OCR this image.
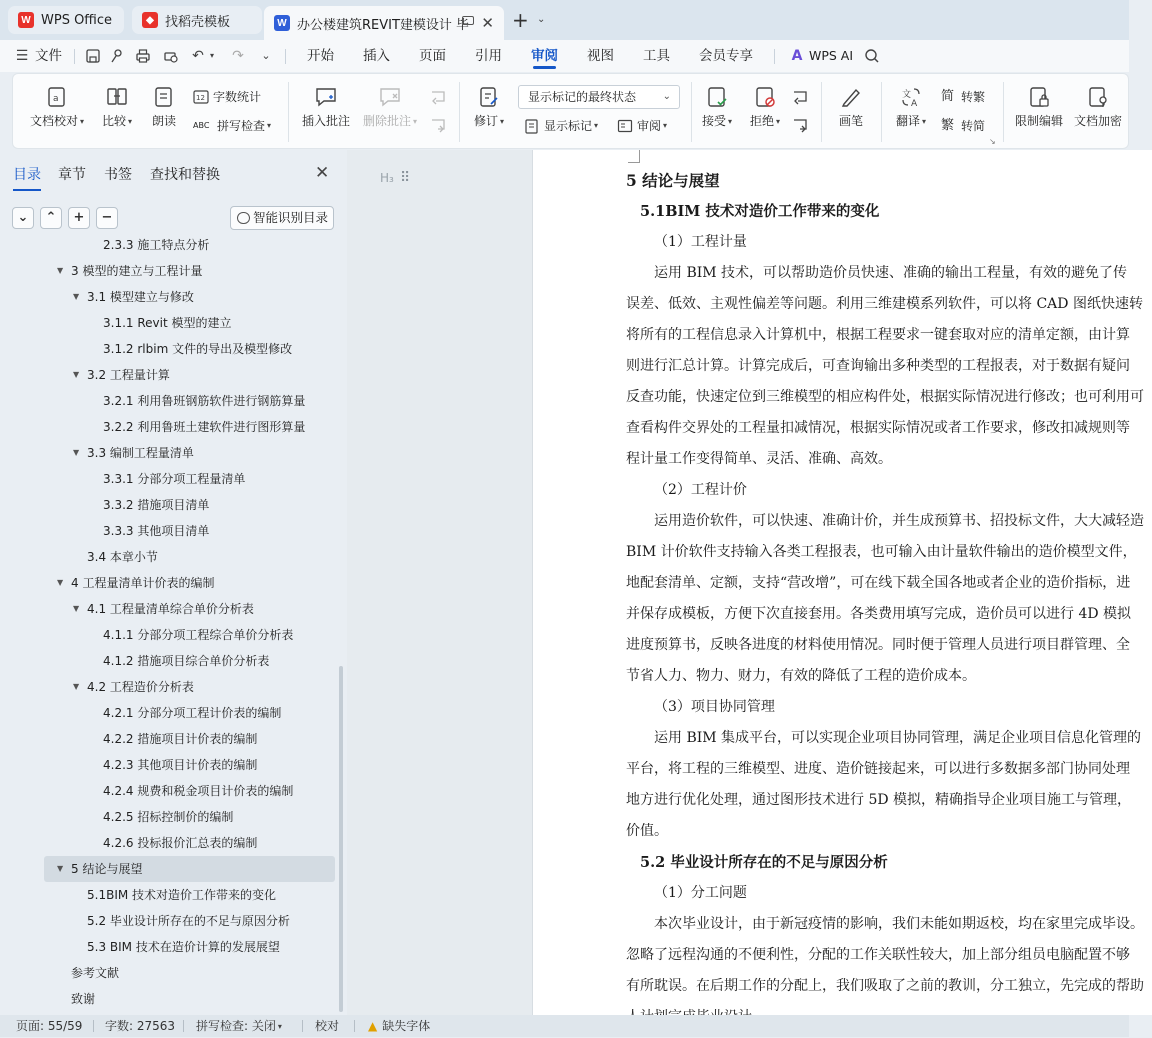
W WPS Office	◆ 找稻壳模板	W 办公楼建筑REVIT建模设计 毕 ✕ + ⌄
☰ 文件	↶ ▾	↷	⌄	开始 插入 页面 引用 审阅 视图 工具 会员专享	A WPS AI
a
文档校对 ▾	比较 ▾	朗读
12 字数统计
ABC 拼写检查 ▾	插入批注 删除批注 ▾	修订 ▾
显示标记的最终状态	⌄
显示标记 ▾	审阅 ▾	接受 ▾ 拒绝 ▾	画笔
文
A
翻译 ▾
简 转繁
繁 转简
↘
限制编辑 文档加密
目录 章节 书签 查找和替换	✕
⌄	⌃	+	−	智能识别目录
2.3.3 施工特点分析
▼ 3 模型的建立与工程计量
▼ 3.1 模型建立与修改
3.1.1 Revit 模型的建立
3.1.2 rlbim 文件的导出及模型修改
▼ 3.2 工程量计算
3.2.1 利用鲁班钢筋软件进行钢筋算量
3.2.2 利用鲁班土建软件进行图形算量
▼ 3.3 编制工程量清单
3.3.1 分部分项工程量清单
3.3.2 措施项目清单
3.3.3 其他项目清单
3.4 本章小节
▼ 4 工程量清单计价表的编制
▼ 4.1 工程量清单综合单价分析表
4.1.1 分部分项工程综合单价分析表
4.1.2 措施项目综合单价分析表
▼ 4.2 工程造价分析表
4.2.1 分部分项工程计价表的编制
4.2.2 措施项目计价表的编制
4.2.3 其他项目计价表的编制
4.2.4 规费和税金项目计价表的编制
4.2.5 招标控制价的编制
4.2.6 投标报价汇总表的编制
▼ 5 结论与展望
5.1BIM 技术对造价工作带来的变化
5.2 毕业设计所存在的不足与原因分析
5.3 BIM 技术在造价计算的发展展望
参考文献
致谢
H₃ ⠿	5 结论与展望
5.1BIM 技术对造价工作带来的变化
（1）工程计量
运用 BIM 技术，可以帮助造价员快速、准确的输出工程量，有效的避免了传
误差、低效、主观性偏差等问题。利用三维建模系列软件，可以将 CAD 图纸快速转
将所有的工程信息录入计算机中，根据工程要求一键套取对应的清单定额，由计算
则进行汇总计算。计算完成后，可查询输出多种类型的工程报表，对于数据有疑问
反查功能，快速定位到三维模型的相应构件处，根据实际情况进行修改；也可利用可
查看构件交界处的工程量扣减情况，根据实际情况或者工作要求，修改扣减规则等
程计量工作变得简单、灵活、准确、高效。
（2）工程计价
运用造价软件，可以快速、准确计价，并生成预算书、招投标文件，大大减轻造
BIM 计价软件支持输入各类工程报表，也可输入由计量软件输出的造价模型文件，
地配套清单、定额，支持“营改增”，可在线下载全国各地或者企业的造价指标，进
并保存成模板，方便下次直接套用。各类费用填写完成，造价员可以进行 4D 模拟
进度预算书，反映各进度的材料使用情况。同时便于管理人员进行项目群管理、全
节省人力、物力、财力，有效的降低了工程的造价成本。
（3）项目协同管理
运用 BIM 集成平台，可以实现企业项目协同管理，满足企业项目信息化管理的
平台，将工程的三维模型、进度、造价链接起来，可以进行多数据多部门协同处理
地方进行优化处理，通过图形技术进行 5D 模拟，精确指导企业项目施工与管理，
价值。
5.2 毕业设计所存在的不足与原因分析
（1）分工问题
本次毕业设计，由于新冠疫情的影响，我们未能如期返校，均在家里完成毕设。
忽略了远程沟通的不便利性，分配的工作关联性较大，加上部分组员电脑配置不够
有所耽误。在后期工作的分配上，我们吸取了之前的教训，分工独立，先完成的帮助
页面: 55/59 字数: 27563 拼写检查: 关闭 ▾	校对 ▲ 缺失字体
